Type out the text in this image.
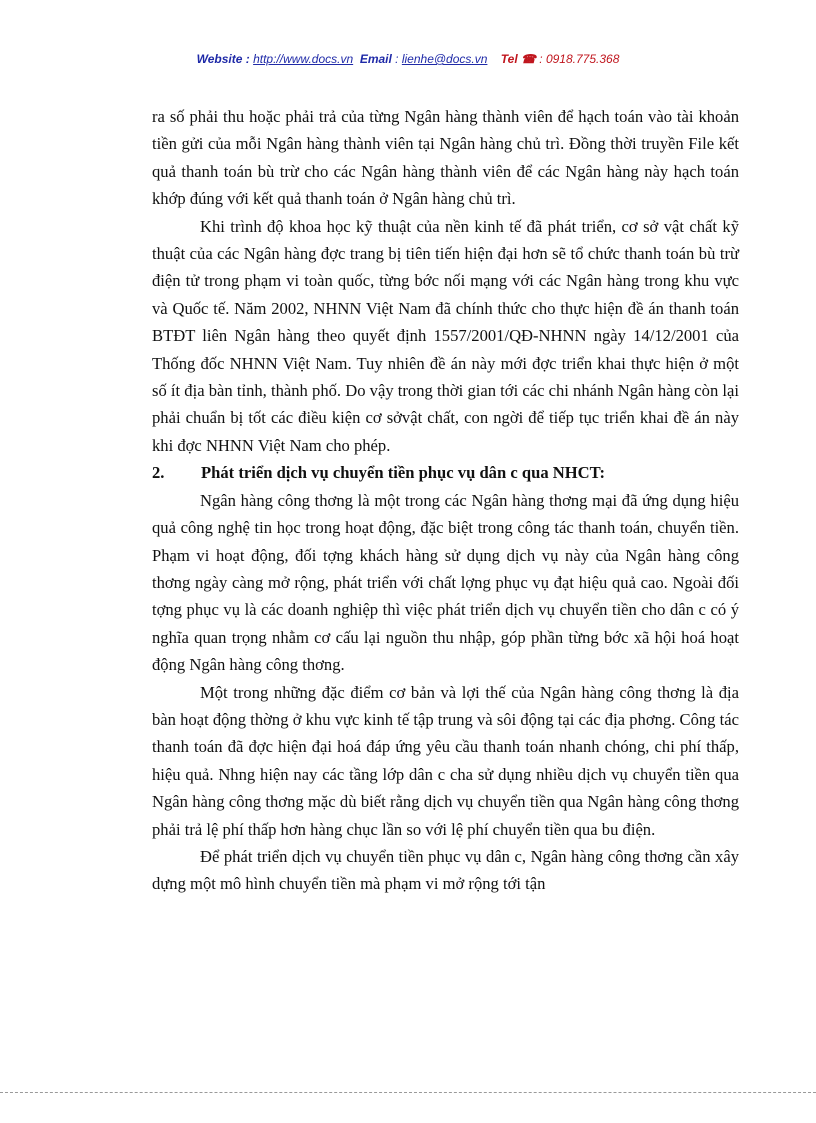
Website : http://www.docs.vn Email : lienhe@docs.vn Tel ☎ : 0918.775.368

ra số phải thu hoặc phải trả của từng Ngân hàng thành viên để hạch toán vào tài khoản tiền gửi của mỗi Ngân hàng thành viên tại Ngân hàng chủ trì. Đồng thời truyền File kết quả thanh toán bù trừ cho các Ngân hàng thành viên để các Ngân hàng này hạch toán khớp đúng với kết quả thanh toán ở Ngân hàng chủ trì.

Khi trình độ khoa học kỹ thuật của nền kinh tế đã phát triển, cơ sở vật chất kỹ thuật của các Ngân hàng đợc trang bị tiên tiến hiện đại hơn sẽ tổ chức thanh toán bù trừ điện tử trong phạm vi toàn quốc, từng bớc nối mạng với các Ngân hàng trong khu vực và Quốc tế. Năm 2002, NHNN Việt Nam đã chính thức cho thực hiện đề án thanh toán BTĐT liên Ngân hàng theo quyết định 1557/2001/QĐ-NHNN ngày 14/12/2001 của Thống đốc NHNN Việt Nam. Tuy nhiên đề án này mới đợc triển khai thực hiện ở một số ít địa bàn tỉnh, thành phố. Do vậy trong thời gian tới các chi nhánh Ngân hàng còn lại phải chuẩn bị tốt các điều kiện cơ sởvật chất, con ngời để tiếp tục triển khai đề án này khi đợc NHNN Việt Nam cho phép.

2.	Phát triển dịch vụ chuyển tiền phục vụ dân c qua NHCT:

Ngân hàng công thơng là một trong các Ngân hàng thơng mại đã ứng dụng hiệu quả công nghệ tin học trong hoạt động, đặc biệt trong công tác thanh toán, chuyển tiền. Phạm vi hoạt động, đối tợng khách hàng sử dụng dịch vụ này của Ngân hàng công thơng ngày càng mở rộng, phát triển với chất lợng phục vụ đạt hiệu quả cao. Ngoài đối tợng phục vụ là các doanh nghiệp thì việc phát triển dịch vụ chuyển tiền cho dân c có ý nghĩa quan trọng nhằm cơ cấu lại nguồn thu nhập, góp phần từng bớc xã hội hoá hoạt động Ngân hàng công thơng.

Một trong những đặc điểm cơ bản và lợi thế của Ngân hàng công thơng là địa bàn hoạt động thờng ở khu vực kinh tế tập trung và sôi động tại các địa phơng. Công tác thanh toán đã đợc hiện đại hoá đáp ứng yêu cầu thanh toán nhanh chóng, chi phí thấp, hiệu quả. Nhng hiện nay các tầng lớp dân c cha sử dụng nhiều dịch vụ chuyển tiền qua Ngân hàng công thơng mặc dù biết rằng dịch vụ chuyển tiền qua Ngân hàng công thơng phải trả lệ phí thấp hơn hàng chục lần so với lệ phí chuyển tiền qua bu điện.

Để phát triển dịch vụ chuyển tiền phục vụ dân c, Ngân hàng công thơng cần xây dựng một mô hình chuyển tiền mà phạm vi mở rộng tới tận
